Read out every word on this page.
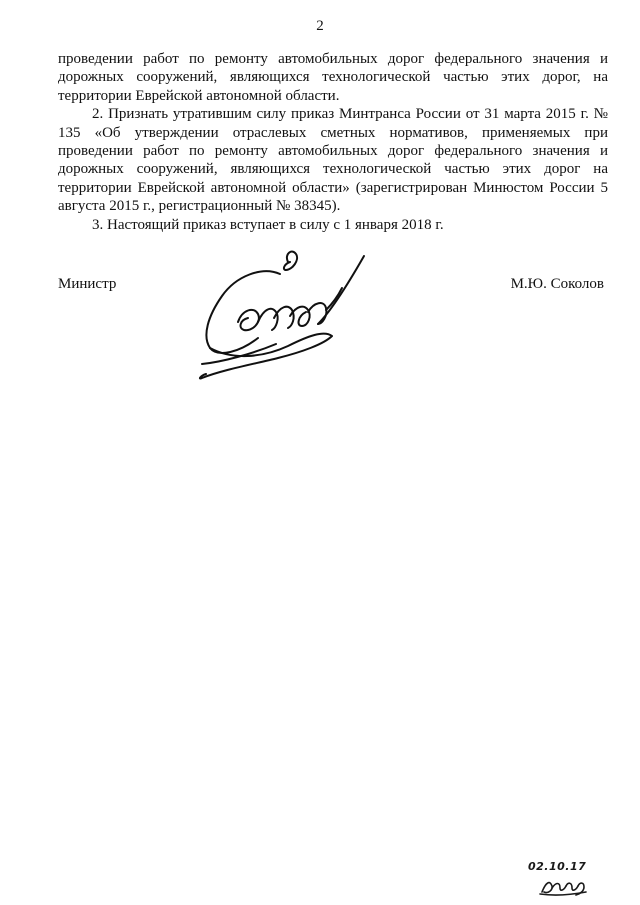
2

проведении работ по ремонту автомобильных дорог федерального значения и дорожных сооружений, являющихся технологической частью этих дорог, на территории Еврейской автономной области.

2. Признать утратившим силу приказ Минтранса России от 31 марта 2015 г. № 135 «Об утверждении отраслевых сметных нормативов, применяемых при проведении работ по ремонту автомобильных дорог федерального значения и дорожных сооружений, являющихся технологической частью этих дорог на территории Еврейской автономной области» (зарегистрирован Минюстом России 5 августа 2015 г., регистрационный № 38345).

3. Настоящий приказ вступает в силу с 1 января 2018 г.

Министр	М.Ю. Соколов
02.10.17
